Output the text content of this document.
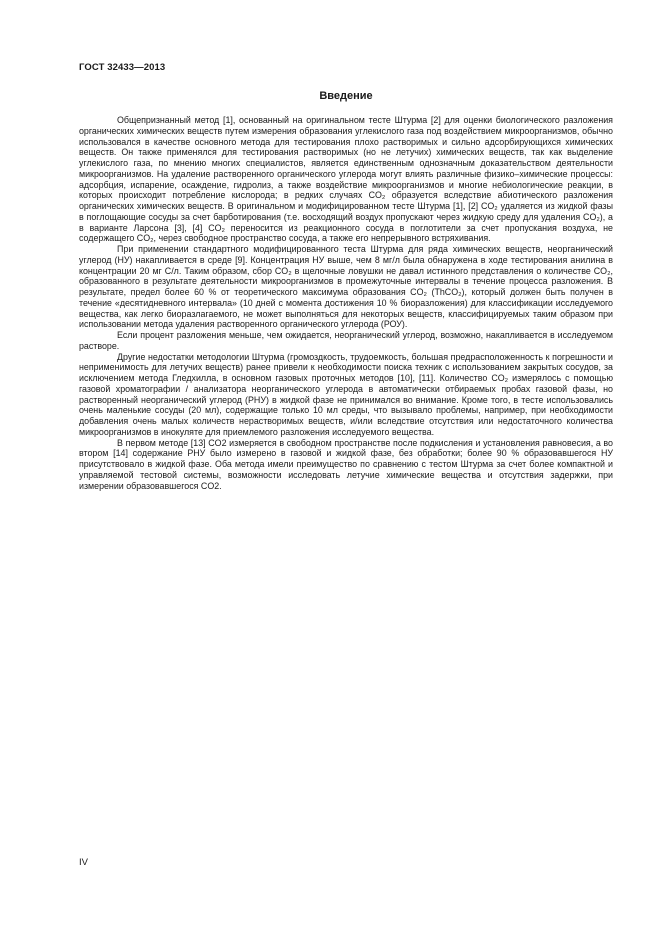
ГОСТ 32433—2013
Введение

Общепризнанный метод [1], основанный на оригинальном тесте Штурма [2] для оценки биологического разложения органических химических веществ путем измерения образования углекислого газа под воздействием микроорганизмов, обычно использовался в качестве основного метода для тестирования плохо растворимых и сильно адсорбирующихся химических веществ. Он также применялся для тестирования растворимых (но не летучих) химических веществ, так как выделение углекислого газа, по мнению многих специалистов, является единственным однозначным доказательством деятельности микроорганизмов. На удаление растворенного органического углерода могут влиять различные физико–химические процессы: адсорбция, испарение, осаждение, гидролиз, а также воздействие микроорганизмов и многие небиологические реакции, в которых происходит потребление кислорода; в редких случаях CO₂ образуется вследствие абиотического разложения органических химических веществ. В оригинальном и модифицированном тесте Штурма [1], [2] CO₂ удаляется из жидкой фазы в поглощающие сосуды за счет барботирования (т.е. восходящий воздух пропускают через жидкую среду для удаления CO₂), а в варианте Ларсона [3], [4] CO₂ переносится из реакционного сосуда в поглотители за счет пропускания воздуха, не содержащего CO₂, через свободное пространство сосуда, а также его непрерывного встряхивания.

При применении стандартного модифицированного теста Штурма для ряда химических веществ, неорганический углерод (НУ) накапливается в среде [9]. Концентрация НУ выше, чем 8 мг/л была обнаружена в ходе тестирования анилина в концентрации 20 мг С/л. Таким образом, сбор CO₂ в щелочные ловушки не давал истинного представления о количестве CO₂, образованного в результате деятельности микроорганизмов в промежуточные интервалы в течение процесса разложения. В результате, предел более 60 % от теоретического максимума образования CO₂ (ThCO₂), который должен быть получен в течение «десятидневного интервала» (10 дней с момента достижения 10 % биоразложения) для классификации исследуемого вещества, как легко биоразлагаемого, не может выполняться для некоторых веществ, классифицируемых таким образом при использовании метода удаления растворенного органического углерода (РОУ).

Если процент разложения меньше, чем ожидается, неорганический углерод, возможно, накапливается в исследуемом растворе.

Другие недостатки методологии Штурма (громоздкость, трудоемкость, большая предрасположенность к погрешности и неприменимость для летучих веществ) ранее привели к необходимости поиска техник с использованием закрытых сосудов, за исключением метода Гледхилла, в основном газовых проточных методов [10], [11]. Количество CO₂ измерялось с помощью газовой хроматографии / анализатора неорганического углерода в автоматически отбираемых пробах газовой фазы, но растворенный неорганический углерод (РНУ) в жидкой фазе не принимался во внимание. Кроме того, в тесте использовались очень маленькие сосуды (20 мл), содержащие только 10 мл среды, что вызывало проблемы, например, при необходимости добавления очень малых количеств нерастворимых веществ, и/или вследствие отсутствия или недостаточного количества микроорганизмов в инокуляте для приемлемого разложения исследуемого вещества.

В первом методе [13] CO2 измеряется в свободном пространстве после подкисления и установления равновесия, а во втором [14] содержание РНУ было измерено в газовой и жидкой фазе, без обработки; более 90 % образовавшегося НУ присутствовало в жидкой фазе. Оба метода имели преимущество по сравнению с тестом Штурма за счет более компактной и управляемой тестовой системы, возможности исследовать летучие химические вещества и отсутствия задержки, при измерении образовавшегося CO2.

IV
